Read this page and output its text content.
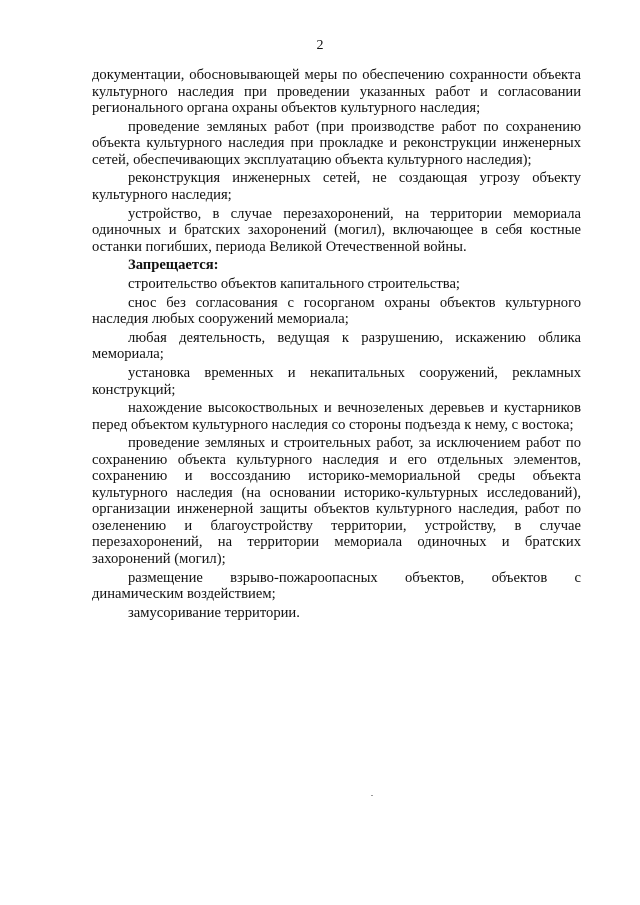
2

документации, обосновывающей меры по обеспечению сохранности объекта культурного наследия при проведении указанных работ и согласовании регионального органа охраны объектов культурного наследия;

проведение земляных работ (при производстве работ по сохранению объекта культурного наследия при прокладке и реконструкции инженерных сетей, обеспечивающих эксплуатацию объекта культурного наследия);

реконструкция инженерных сетей, не создающая угрозу объекту культурного наследия;

устройство, в случае перезахоронений, на территории мемориала одиночных и братских захоронений (могил), включающее в себя костные останки погибших, периода Великой Отечественной войны.

Запрещается:

строительство объектов капитального строительства;

снос без согласования с госорганом охраны объектов культурного наследия любых сооружений мемориала;

любая деятельность, ведущая к разрушению, искажению облика мемориала;

установка временных и некапитальных сооружений, рекламных конструкций;

нахождение высокоствольных и вечнозеленых деревьев и кустарников перед объектом культурного наследия со стороны подъезда к нему, с востока;

проведение земляных и строительных работ, за исключением работ по сохранению объекта культурного наследия и его отдельных элементов, сохранению и воссозданию историко-мемориальной среды объекта культурного наследия (на основании историко-культурных исследований), организации инженерной защиты объектов культурного наследия, работ по озеленению и благоустройству территории, устройству, в случае перезахоронений, на территории мемориала одиночных и братских захоронений (могил);

размещение взрыво-пожароопасных объектов, объектов с динамическим воздействием;

замусоривание территории.
